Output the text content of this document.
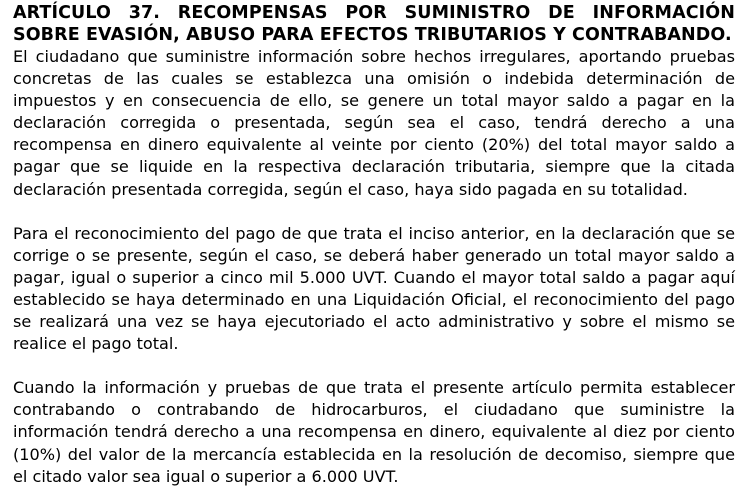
ARTÍCULO 37. RECOMPENSAS POR SUMINISTRO DE INFORMACIÓN SOBRE EVASIÓN, ABUSO PARA EFECTOS TRIBUTARIOS Y CONTRABANDO.

El ciudadano que suministre información sobre hechos irregulares, aportando pruebas concretas de las cuales se establezca una omisión o indebida determinación de impuestos y en consecuencia de ello, se genere un total mayor saldo a pagar en la declaración corregida o presentada, según sea el caso, tendrá derecho a una recompensa en dinero equivalente al veinte por ciento (20%) del total mayor saldo a pagar que se liquide en la respectiva declaración tributaria, siempre que la citada declaración presentada corregida, según el caso, haya sido pagada en su totalidad.

Para el reconocimiento del pago de que trata el inciso anterior, en la declaración que se corrige o se presente, según el caso, se deberá haber generado un total mayor saldo a pagar, igual o superior a cinco mil 5.000 UVT. Cuando el mayor total saldo a pagar aquí establecido se haya determinado en una Liquidación Oficial, el reconocimiento del pago se realizará una vez se haya ejecutoriado el acto administrativo y sobre el mismo se realice el pago total.

Cuando la información y pruebas de que trata el presente artículo permita establecer contrabando o contrabando de hidrocarburos, el ciudadano que suministre la información tendrá derecho a una recompensa en dinero, equivalente al diez por ciento (10%) del valor de la mercancía establecida en la resolución de decomiso, siempre que el citado valor sea igual o superior a 6.000 UVT.
